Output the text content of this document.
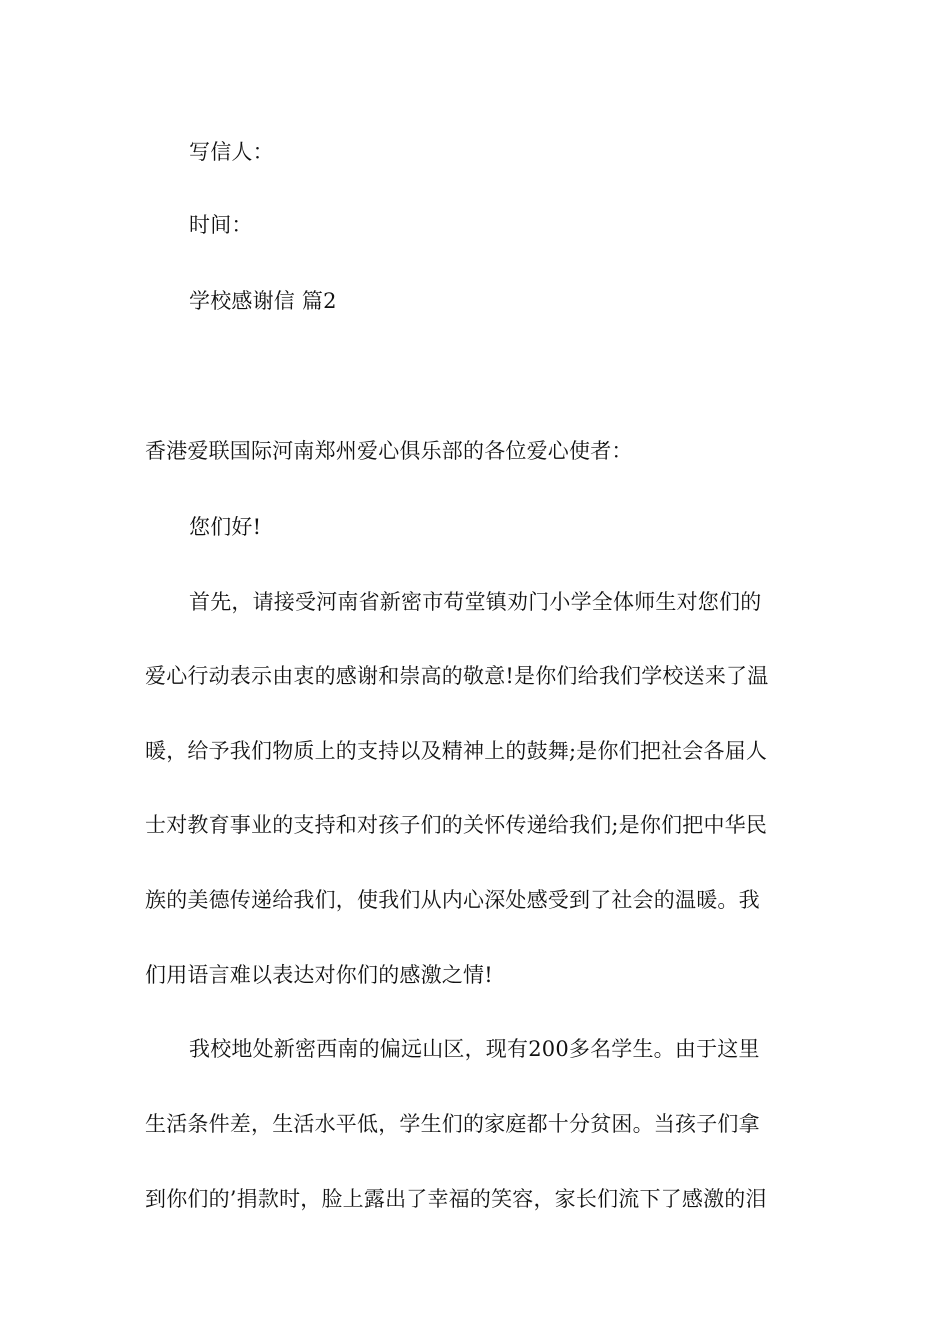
写信人：
时间：
学校感谢信 篇2
香港爱联国际河南郑州爱心俱乐部的各位爱心使者：
您们好!
首先，请接受河南省新密市苟堂镇劝门小学全体师生对您们的
爱心行动表示由衷的感谢和崇高的敬意!是你们给我们学校送来了温
暖，给予我们物质上的支持以及精神上的鼓舞;是你们把社会各届人
士对教育事业的支持和对孩子们的关怀传递给我们;是你们把中华民
族的美德传递给我们，使我们从内心深处感受到了社会的温暖。我
们用语言难以表达对你们的感激之情!
我校地处新密西南的偏远山区，现有200多名学生。由于这里
生活条件差，生活水平低，学生们的家庭都十分贫困。当孩子们拿
到你们的’捐款时，脸上露出了幸福的笑容，家长们流下了感激的泪
